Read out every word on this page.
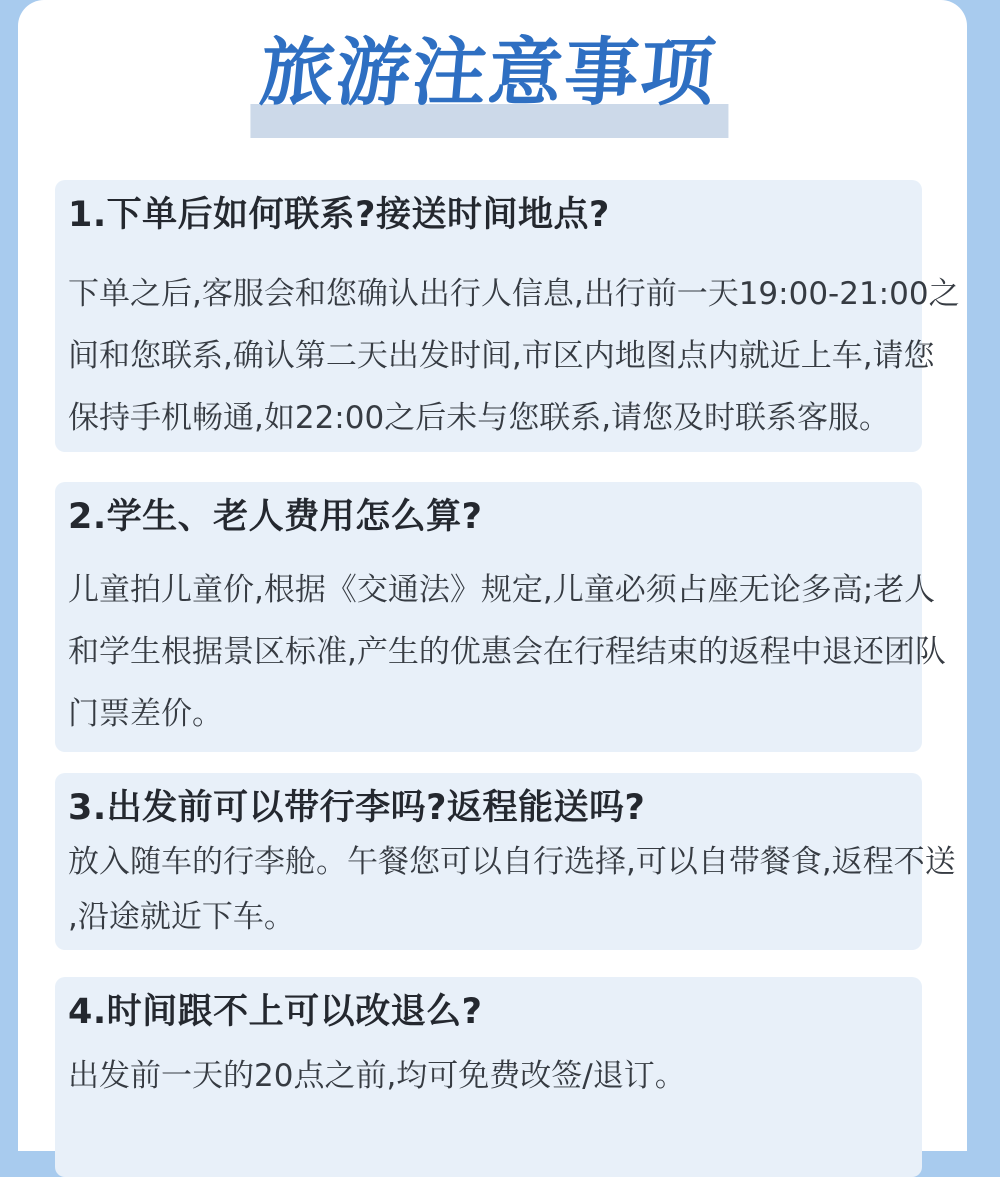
旅游注意事项
1.下单后如何联系?接送时间地点?
下单之后,客服会和您确认出行人信息,出行前一天19:00-21:00之
间和您联系,确认第二天出发时间,市区内地图点内就近上车,请您
保持手机畅通,如22:00之后未与您联系,请您及时联系客服。
2.学生、老人费用怎么算?
儿童拍儿童价,根据《交通法》规定,儿童必须占座无论多高;老人
和学生根据景区标准,产生的优惠会在行程结束的返程中退还团队
门票差价。
3.出发前可以带行李吗?返程能送吗?
放入随车的行李舱。午餐您可以自行选择,可以自带餐食,返程不送
,沿途就近下车。
4.时间跟不上可以改退么?
出发前一天的20点之前,均可免费改签/退订。
